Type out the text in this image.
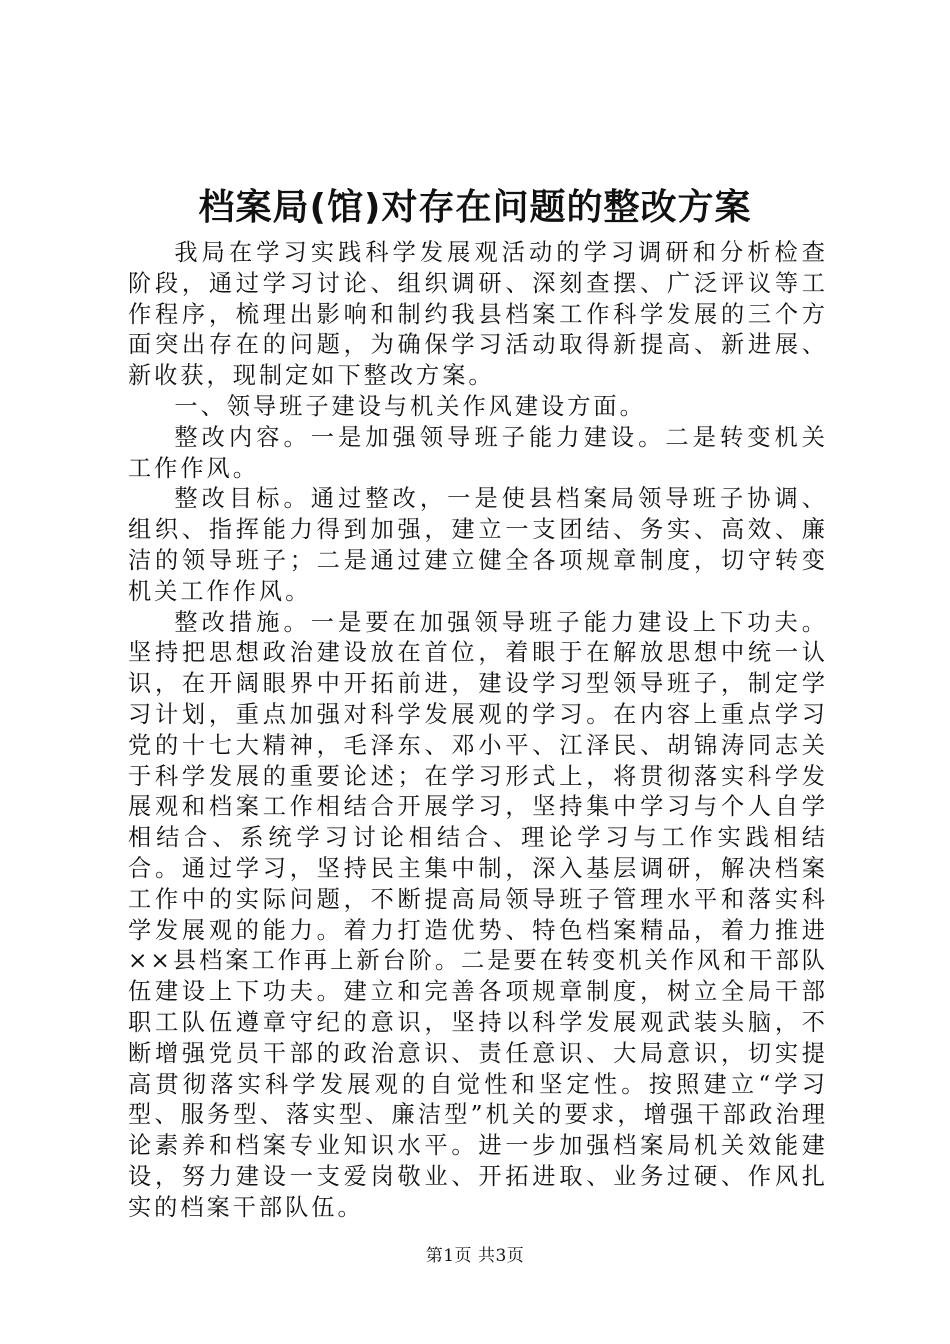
档案局(馆)对存在问题的整改方案

我局在学习实践科学发展观活动的学习调研和分析检查阶段，通过学习讨论、组织调研、深刻查摆、广泛评议等工作程序，梳理出影响和制约我县档案工作科学发展的三个方面突出存在的问题，为确保学习活动取得新提高、新进展、新收获，现制定如下整改方案。

一、领导班子建设与机关作风建设方面。

整改内容。一是加强领导班子能力建设。二是转变机关工作作风。

整改目标。通过整改，一是使县档案局领导班子协调、组织、指挥能力得到加强，建立一支团结、务实、高效、廉洁的领导班子；二是通过建立健全各项规章制度，切守转变机关工作作风。

整改措施。一是要在加强领导班子能力建设上下功夫。坚持把思想政治建设放在首位，着眼于在解放思想中统一认识，在开阔眼界中开拓前进，建设学习型领导班子，制定学习计划，重点加强对科学发展观的学习。在内容上重点学习党的十七大精神，毛泽东、邓小平、江泽民、胡锦涛同志关于科学发展的重要论述；在学习形式上，将贯彻落实科学发展观和档案工作相结合开展学习，坚持集中学习与个人自学相结合、系统学习讨论相结合、理论学习与工作实践相结合。通过学习，坚持民主集中制，深入基层调研，解决档案工作中的实际问题，不断提高局领导班子管理水平和落实科学发展观的能力。着力打造优势、特色档案精品，着力推进××县档案工作再上新台阶。二是要在转变机关作风和干部队伍建设上下功夫。建立和完善各项规章制度，树立全局干部职工队伍遵章守纪的意识，坚持以科学发展观武装头脑，不断增强党员干部的政治意识、责任意识、大局意识，切实提高贯彻落实科学发展观的自觉性和坚定性。按照建立“学习型、服务型、落实型、廉洁型”机关的要求，增强干部政治理论素养和档案专业知识水平。进一步加强档案局机关效能建设，努力建设一支爱岗敬业、开拓进取、业务过硬、作风扎实的档案干部队伍。

第1页 共3页
